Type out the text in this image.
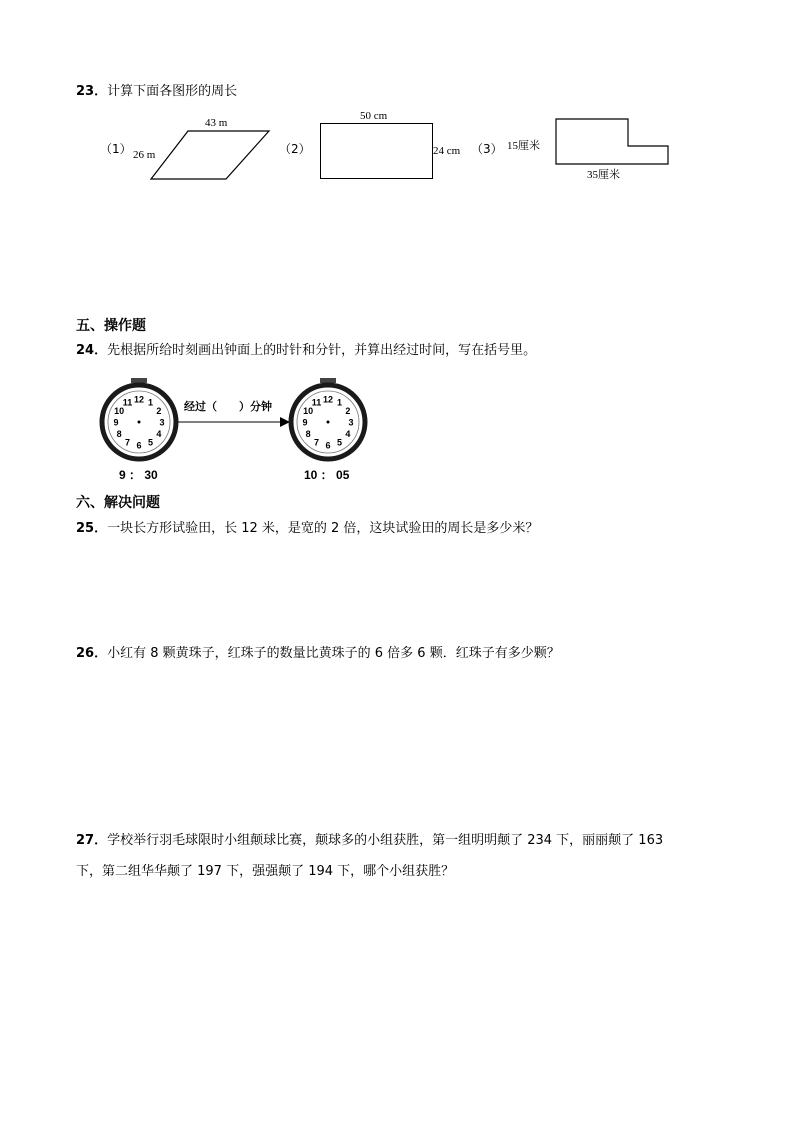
23．计算下面各图形的周长
（1）
43 m
26 m	（2）
50 cm
24 cm （3） 15厘米
35厘米
五、操作题
24．先根据所给时刻画出钟面上的时针和分针，并算出经过时间，写在括号里。
12 1
2
3
4
5
6
7
8
9
10
11
9 ： 30
经过（　　）分钟
12 1
2
3
4
5
6
7
8
9
10
11
10 ： 05
六、解决问题
25．一块长方形试验田，长 12 米，是宽的 2 倍，这块试验田的周长是多少米？
26．小红有 8 颗黄珠子，红珠子的数量比黄珠子的 6 倍多 6 颗．红珠子有多少颗？
27．学校举行羽毛球限时小组颠球比赛，颠球多的小组获胜，第一组明明颠了 234 下，丽丽颠了 163
下，第二组华华颠了 197 下，强强颠了 194 下，哪个小组获胜？
